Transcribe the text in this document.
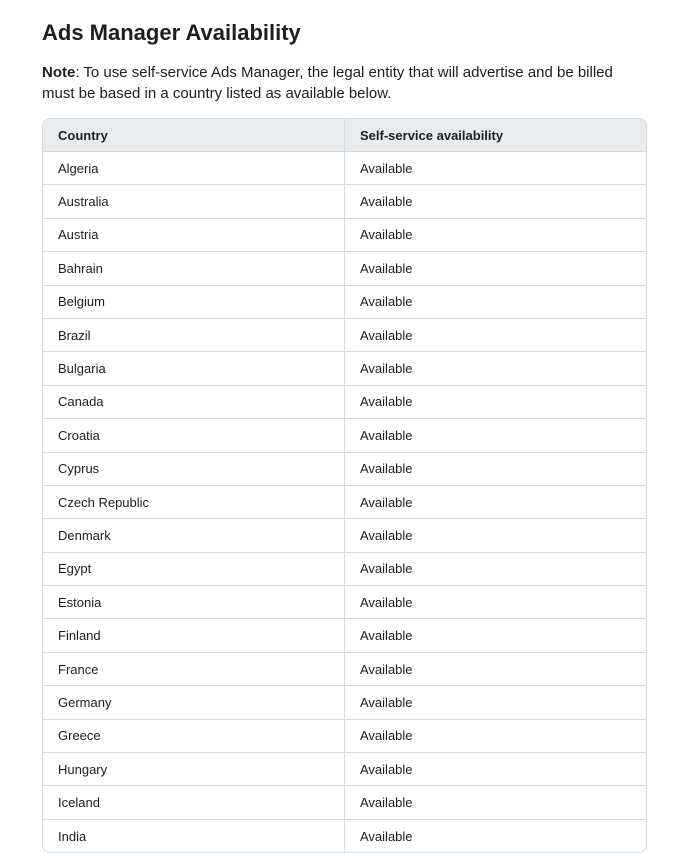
Ads Manager Availability
Note: To use self-service Ads Manager, the legal entity that will advertise and be billed must be based in a country listed as available below.
Country	Self-service availability
Algeria	Available
Australia	Available
Austria	Available
Bahrain	Available
Belgium	Available
Brazil	Available
Bulgaria	Available
Canada	Available
Croatia	Available
Cyprus	Available
Czech Republic	Available
Denmark	Available
Egypt	Available
Estonia	Available
Finland	Available
France	Available
Germany	Available
Greece	Available
Hungary	Available
Iceland	Available
India	Available
